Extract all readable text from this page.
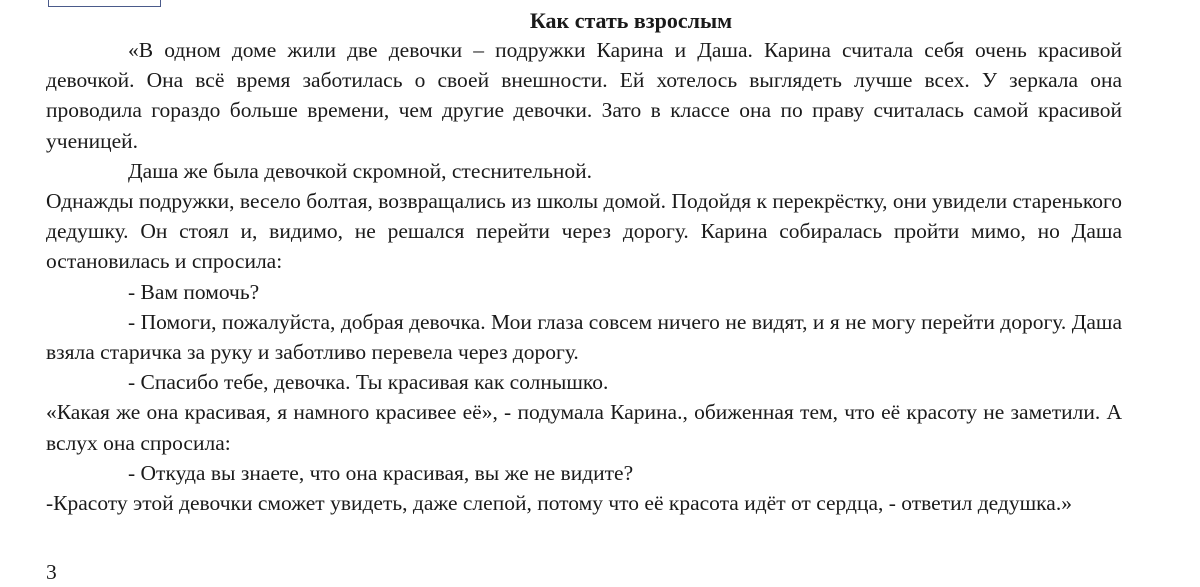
Как стать взрослым

«В одном доме жили две девочки – подружки Карина и Даша. Карина считала себя очень красивой девочкой. Она всё время заботилась о своей внешности. Ей хотелось выглядеть лучше всех. У зеркала она проводила гораздо больше времени, чем другие девочки. Зато в классе она по праву считалась самой красивой ученицей.

Даша же была девочкой скромной, стеснительной.

Однажды подружки, весело болтая, возвращались из школы домой. Подойдя к перекрёстку, они увидели старенького дедушку. Он стоял и, видимо, не решался перейти через дорогу. Карина собиралась пройти мимо, но Даша остановилась и спросила:

- Вам помочь?

- Помоги, пожалуйста, добрая девочка. Мои глаза совсем ничего не видят, и я не могу перейти дорогу. Даша взяла старичка за руку и заботливо перевела через дорогу.

- Спасибо тебе, девочка. Ты красивая как солнышко.

«Какая же она красивая, я намного красивее её», - подумала Карина., обиженная тем, что её красоту не заметили. А вслух она спросила:

- Откуда вы знаете, что она красивая, вы же не видите?

-Красоту этой девочки сможет увидеть, даже слепой, потому что её красота идёт от сердца, - ответил дедушка.»

3
